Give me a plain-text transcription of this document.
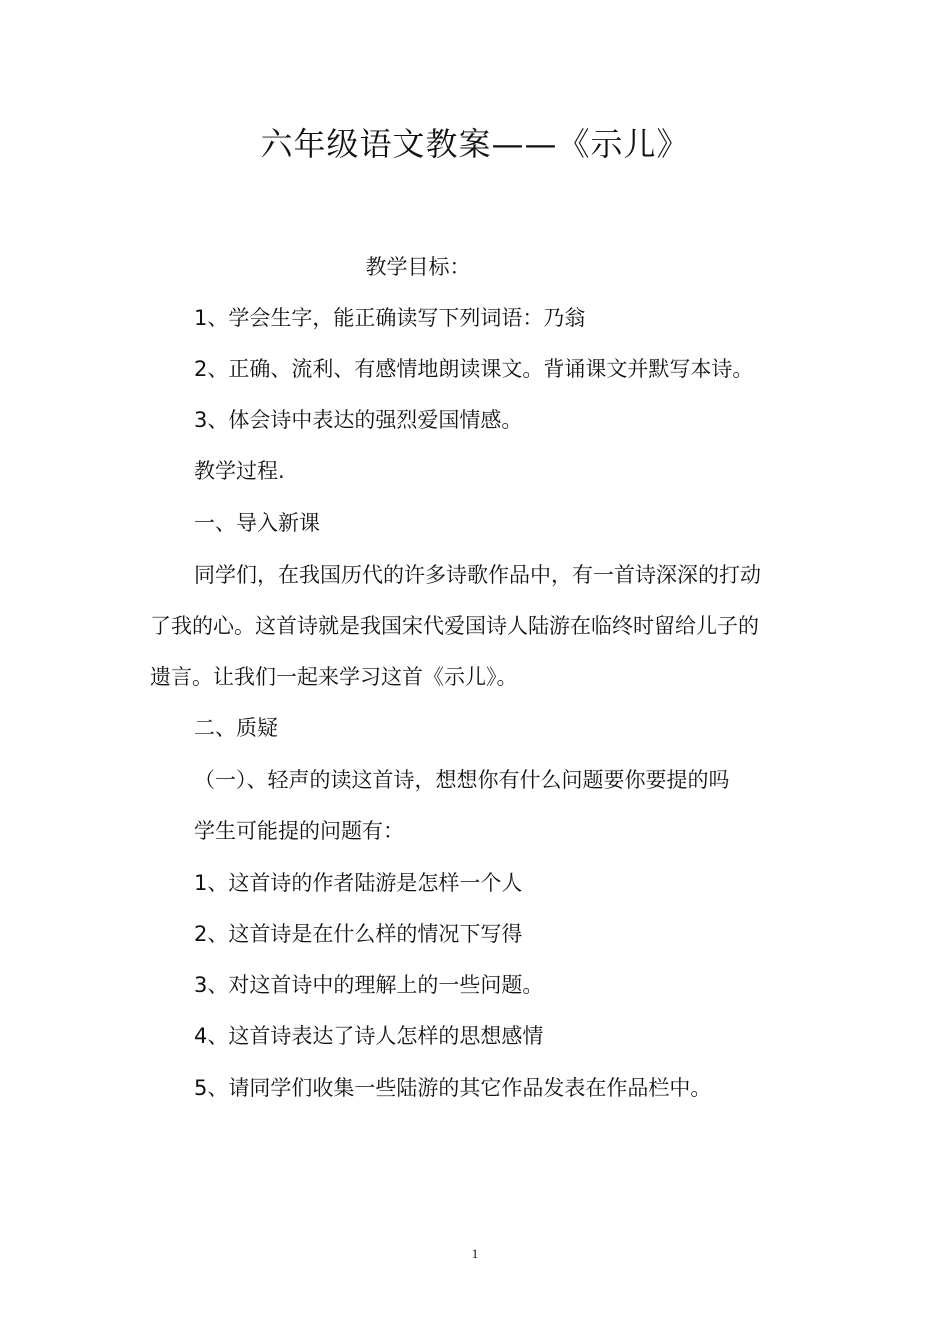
六年级语文教案——《示儿》
教学目标：
1、学会生字，能正确读写下列词语：乃翁
2、正确、流利、有感情地朗读课文。背诵课文并默写本诗。
3、体会诗中表达的强烈爱国情感。
教学过程.
一、导入新课
同学们，在我国历代的许多诗歌作品中，有一首诗深深的打动
了我的心。这首诗就是我国宋代爱国诗人陆游在临终时留给儿子的
遗言。让我们一起来学习这首《示儿》。
二、质疑
（一）、轻声的读这首诗，想想你有什么问题要你要提的吗
学生可能提的问题有：
1、这首诗的作者陆游是怎样一个人
2、这首诗是在什么样的情况下写得
3、对这首诗中的理解上的一些问题。
4、这首诗表达了诗人怎样的思想感情
5、请同学们收集一些陆游的其它作品发表在作品栏中。
1
